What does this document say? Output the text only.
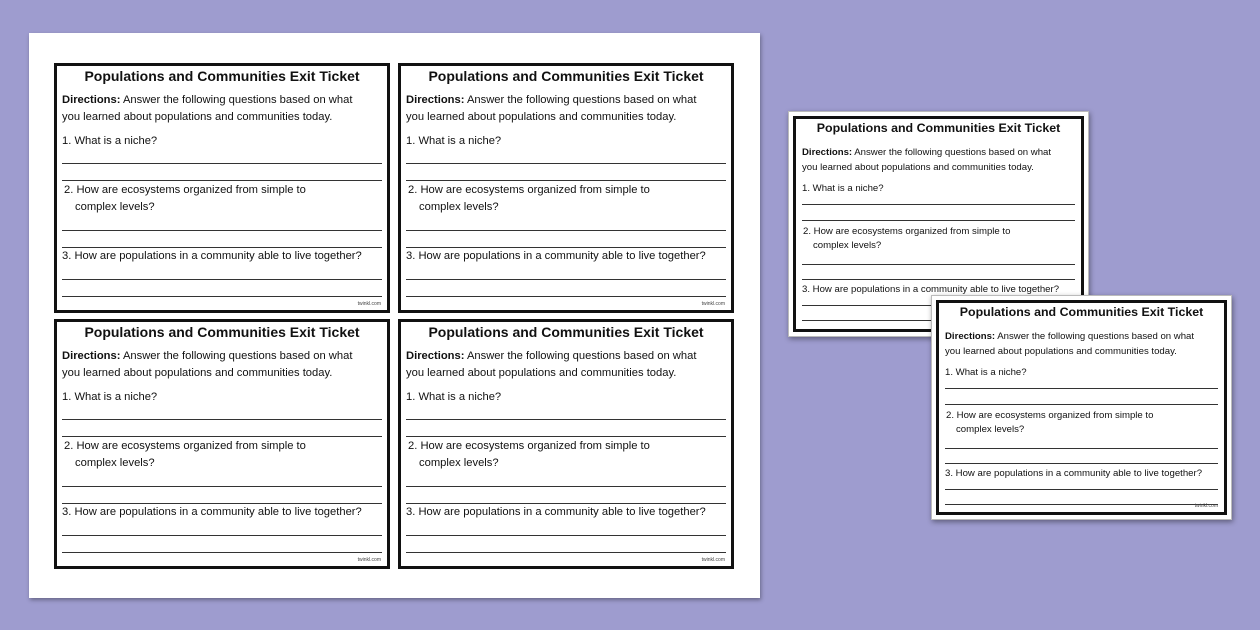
Populations and Communities Exit Ticket
Directions: Answer the following questions based on what
you learned about populations and communities today.
1. What is a niche?
2. How are ecosystems organized from simple to
complex levels?
3. How are populations in a community able to live together?
twinkl.com
Populations and Communities Exit Ticket
Directions: Answer the following questions based on what
you learned about populations and communities today.
1. What is a niche?
2. How are ecosystems organized from simple to
complex levels?
3. How are populations in a community able to live together?
twinkl.com
Populations and Communities Exit Ticket
Directions: Answer the following questions based on what
you learned about populations and communities today.
1. What is a niche?
2. How are ecosystems organized from simple to
complex levels?
3. How are populations in a community able to live together?
twinkl.com
Populations and Communities Exit Ticket
Directions: Answer the following questions based on what
you learned about populations and communities today.
1. What is a niche?
2. How are ecosystems organized from simple to
complex levels?
3. How are populations in a community able to live together?
twinkl.com
Populations and Communities Exit Ticket
Directions: Answer the following questions based on what
you learned about populations and communities today.
1. What is a niche?
2. How are ecosystems organized from simple to
complex levels?
3. How are populations in a community able to live together?
Populations and Communities Exit Ticket
Directions: Answer the following questions based on what
you learned about populations and communities today.
1. What is a niche?
2. How are ecosystems organized from simple to
complex levels?
3. How are populations in a community able to live together?
twinkl.com
